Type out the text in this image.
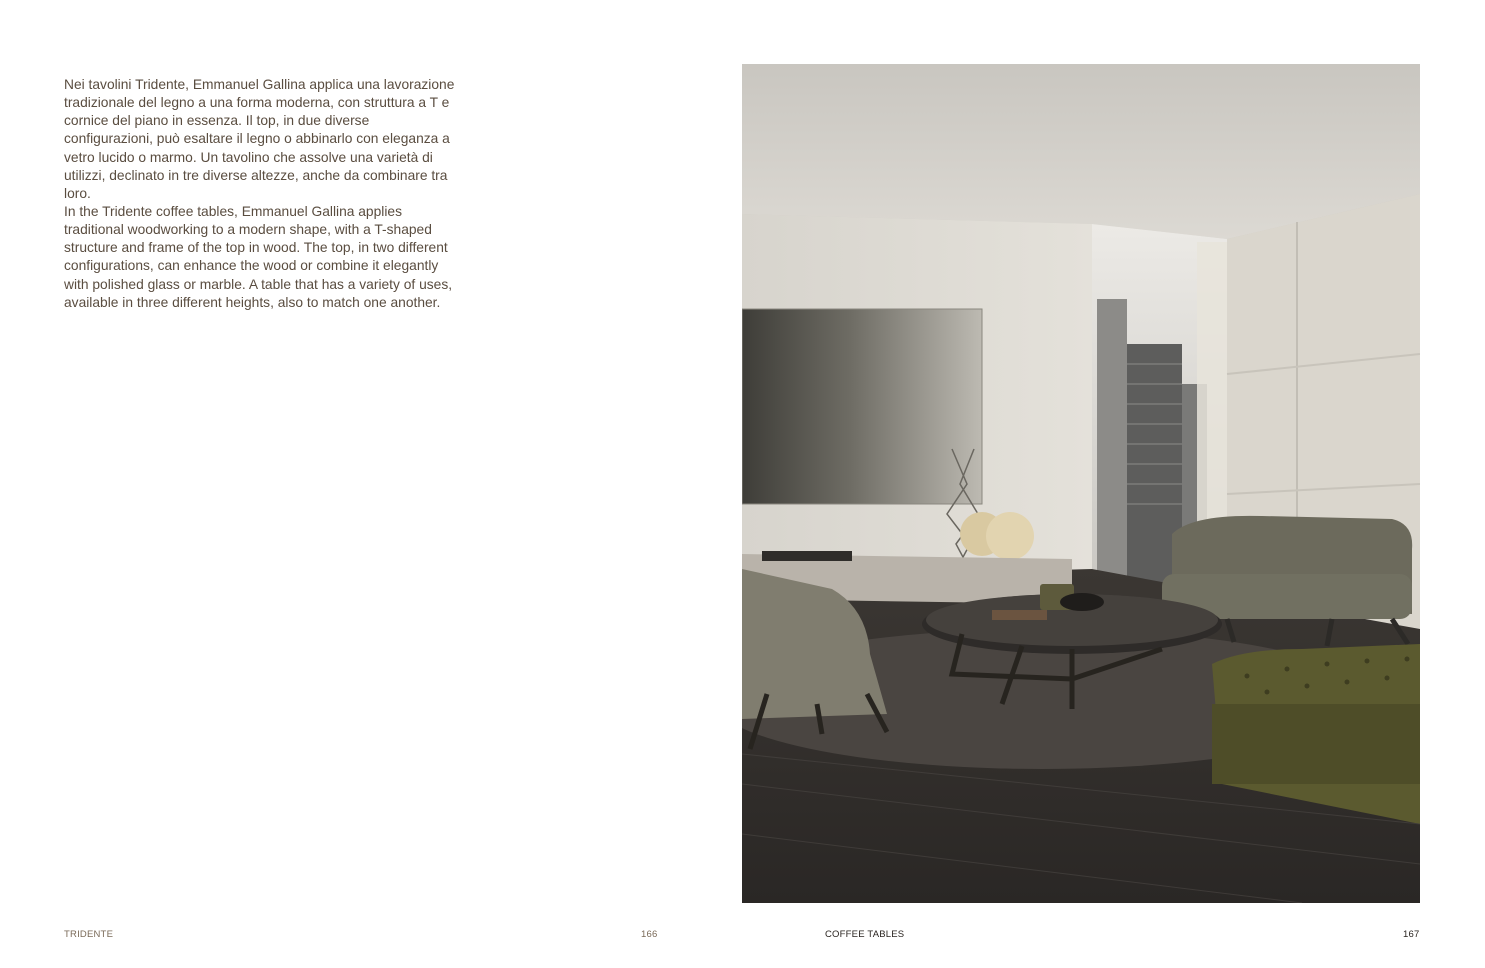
Nei tavolini Tridente, Emmanuel Gallina applica una lavorazione tradizionale del legno a una forma moderna, con struttura a T e cornice del piano in essenza. Il top, in due diverse configurazioni, può esaltare il legno o abbinarlo con eleganza a vetro lucido o marmo. Un tavolino che assolve una varietà di utilizzi, declinato in tre diverse altezze, anche da combinare tra loro.

In the Tridente coffee tables, Emmanuel Gallina applies traditional woodworking to a modern shape, with a T-shaped structure and frame of the top in wood. The top, in two different configurations, can enhance the wood or combine it elegantly with polished glass or marble. A table that has a variety of uses, available in three different heights, also to match one another.

TRIDENTE	166	COFFEE TABLES	167
